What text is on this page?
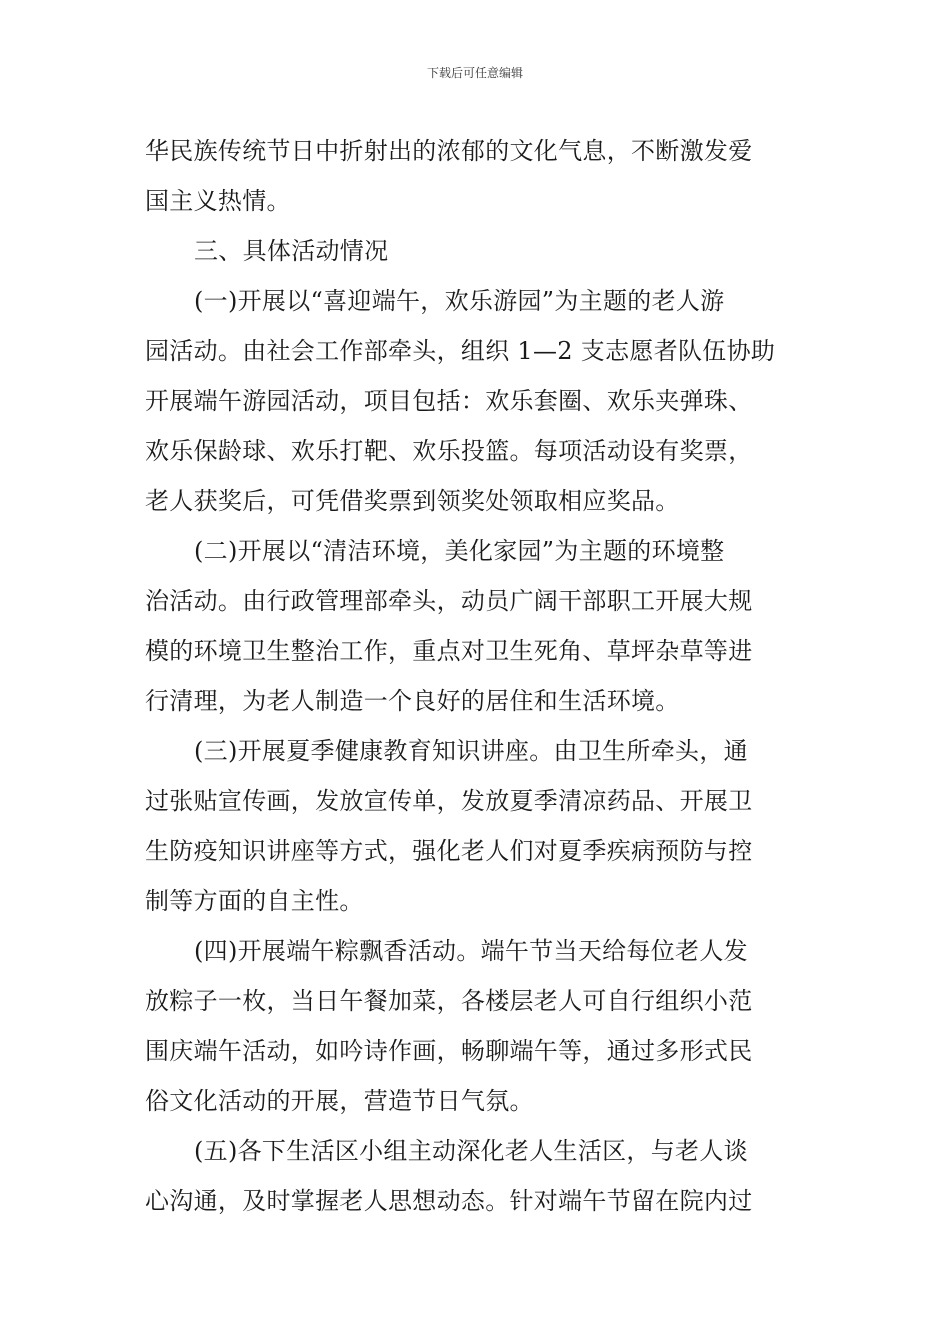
下载后可任意编辑
华民族传统节日中折射出的浓郁的文化气息，不断激发爱
国主义热情。
三、具体活动情况
(一)开展以“喜迎端午，欢乐游园”为主题的老人游
园活动。由社会工作部牵头，组织 1—2 支志愿者队伍协助
开展端午游园活动，项目包括：欢乐套圈、欢乐夹弹珠、
欢乐保龄球、欢乐打靶、欢乐投篮。每项活动设有奖票，
老人获奖后，可凭借奖票到领奖处领取相应奖品。
(二)开展以“清洁环境，美化家园”为主题的环境整
治活动。由行政管理部牵头，动员广阔干部职工开展大规
模的环境卫生整治工作，重点对卫生死角、草坪杂草等进
行清理，为老人制造一个良好的居住和生活环境。
(三)开展夏季健康教育知识讲座。由卫生所牵头，通
过张贴宣传画，发放宣传单，发放夏季清凉药品、开展卫
生防疫知识讲座等方式，强化老人们对夏季疾病预防与控
制等方面的自主性。
(四)开展端午粽飘香活动。端午节当天给每位老人发
放粽子一枚，当日午餐加菜，各楼层老人可自行组织小范
围庆端午活动，如吟诗作画，畅聊端午等，通过多形式民
俗文化活动的开展，营造节日气氛。
(五)各下生活区小组主动深化老人生活区，与老人谈
心沟通，及时掌握老人思想动态。针对端午节留在院内过
